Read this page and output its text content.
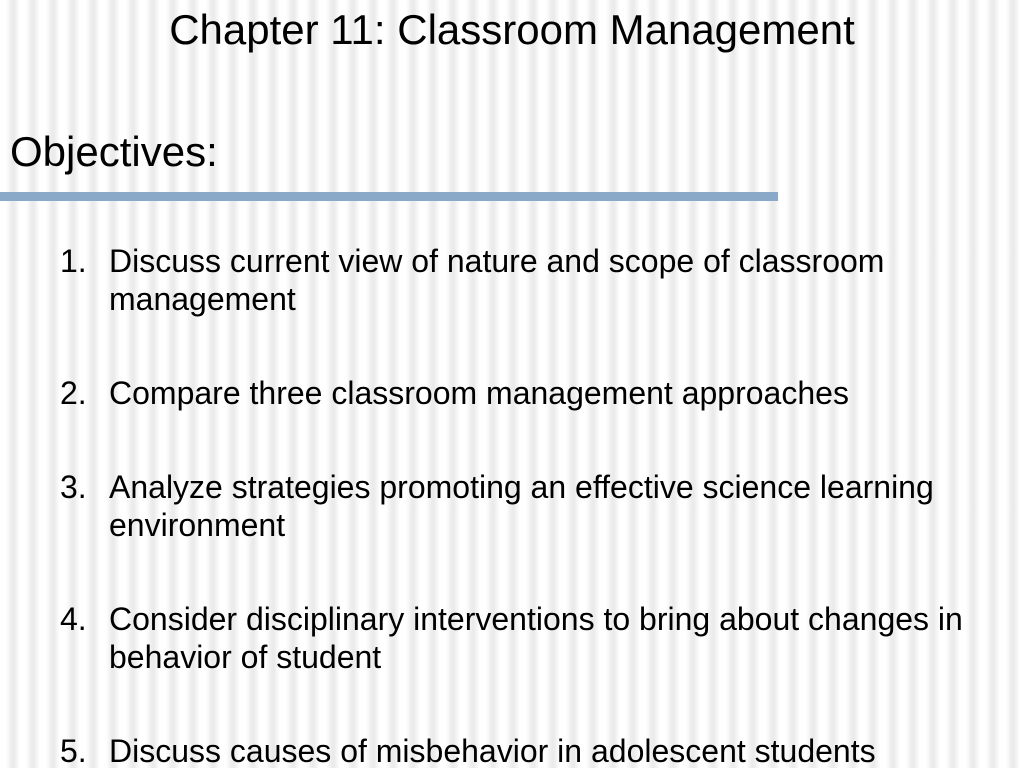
Chapter 11: Classroom Management
Objectives:
1. Discuss current view of nature and scope of classroom management
2. Compare three classroom management approaches
3. Analyze strategies promoting an effective science learning environment
4. Consider disciplinary interventions to bring about changes in behavior of student
5. Discuss causes of misbehavior in adolescent students
